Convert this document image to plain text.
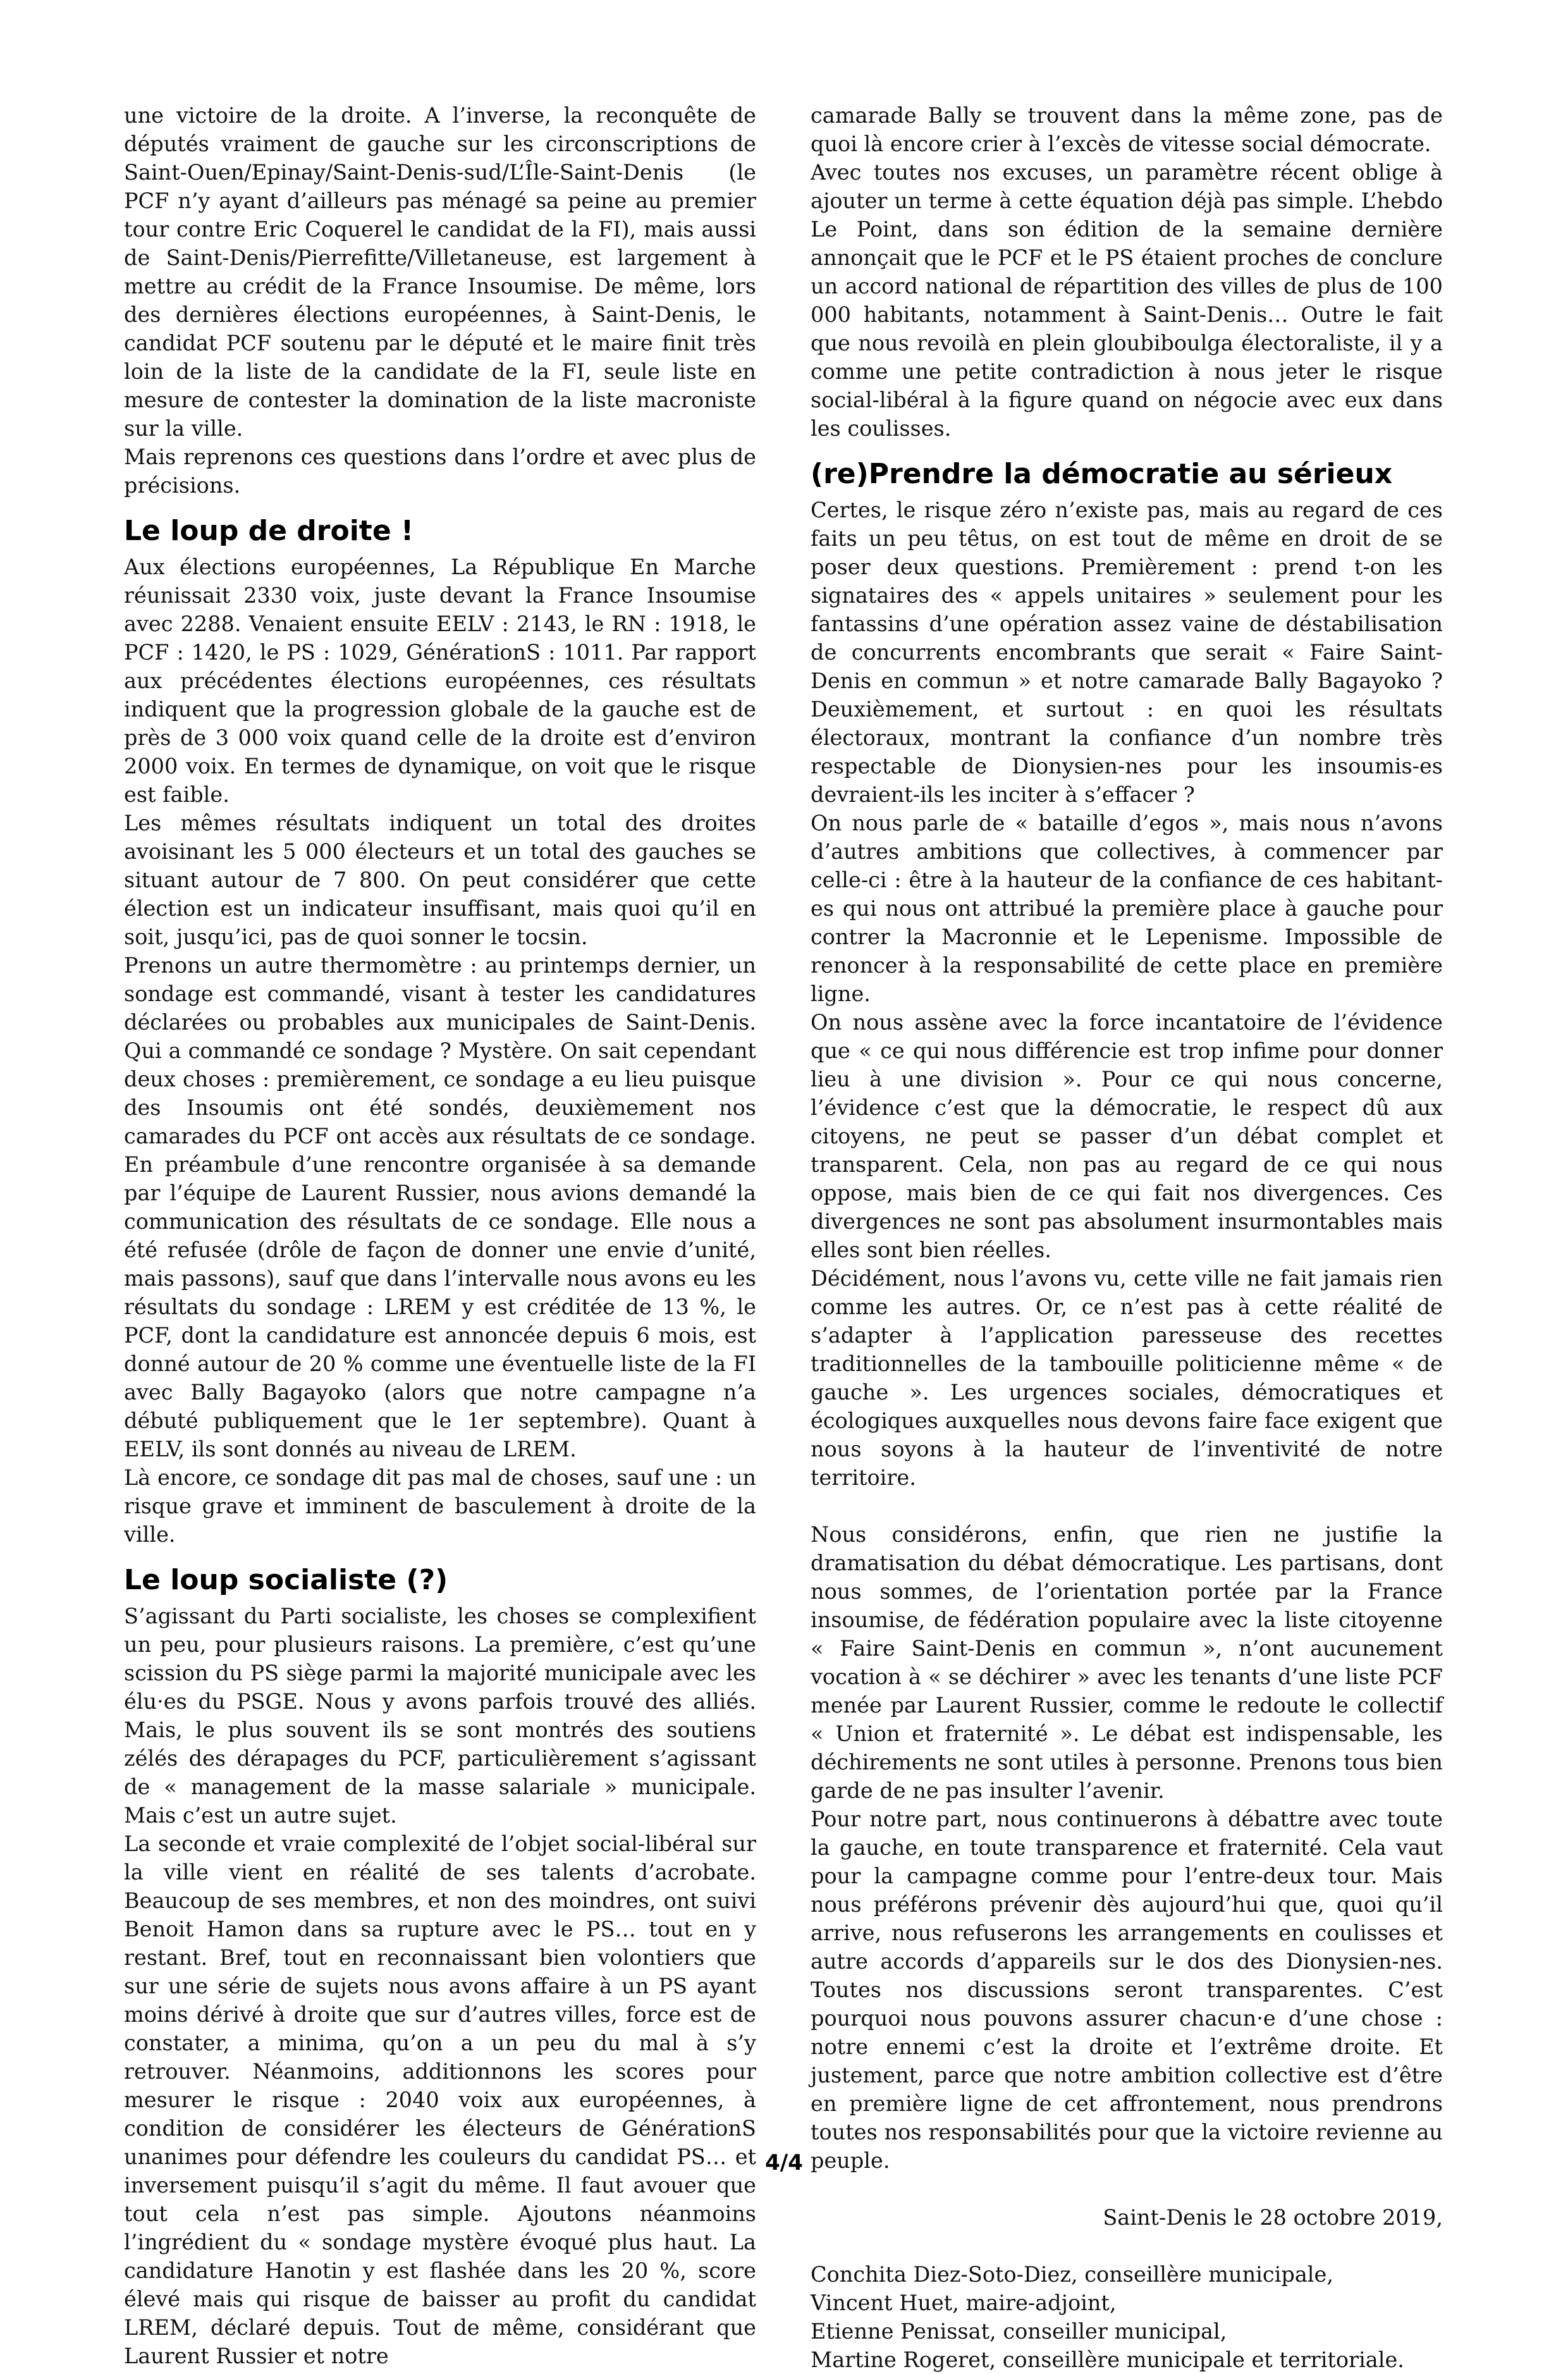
une victoire de la droite. A l’inverse, la reconquête de députés vraiment de gauche sur les circonscriptions de Saint-Ouen/Epinay/Saint-Denis-sud/L’Île-Saint-Denis (le PCF n’y ayant d’ailleurs pas ménagé sa peine au premier tour contre Eric Coquerel le candidat de la FI), mais aussi de Saint-Denis/Pierrefitte/Villetaneuse, est largement à mettre au crédit de la France Insoumise. De même, lors des dernières élections européennes, à Saint-Denis, le candidat PCF soutenu par le député et le maire finit très loin de la liste de la candidate de la FI, seule liste en mesure de contester la domination de la liste macroniste sur la ville.

Mais reprenons ces questions dans l’ordre et avec plus de précisions.

Le loup de droite !

Aux élections européennes, La République En Marche réunissait 2330 voix, juste devant la France Insoumise avec 2288. Venaient ensuite EELV : 2143, le RN : 1918, le PCF : 1420, le PS : 1029, GénérationS : 1011. Par rapport aux précédentes élections européennes, ces résultats indiquent que la progression globale de la gauche est de près de 3 000 voix quand celle de la droite est d’environ 2000 voix. En termes de dynamique, on voit que le risque est faible.

Les mêmes résultats indiquent un total des droites avoisinant les 5 000 électeurs et un total des gauches se situant autour de 7 800. On peut considérer que cette élection est un indicateur insuffisant, mais quoi qu’il en soit, jusqu’ici, pas de quoi sonner le tocsin.

Prenons un autre thermomètre : au printemps dernier, un sondage est commandé, visant à tester les candidatures déclarées ou probables aux municipales de Saint-Denis. Qui a commandé ce sondage ? Mystère. On sait cependant deux choses : premièrement, ce sondage a eu lieu puisque des Insoumis ont été sondés, deuxièmement nos camarades du PCF ont accès aux résultats de ce sondage. En préambule d’une rencontre organisée à sa demande par l’équipe de Laurent Russier, nous avions demandé la communication des résultats de ce sondage. Elle nous a été refusée (drôle de façon de donner une envie d’unité, mais passons), sauf que dans l’intervalle nous avons eu les résultats du sondage : LREM y est créditée de 13 %, le PCF, dont la candidature est annoncée depuis 6 mois, est donné autour de 20 % comme une éventuelle liste de la FI avec Bally Bagayoko (alors que notre campagne n’a débuté publiquement que le 1er septembre). Quant à EELV, ils sont donnés au niveau de LREM.

Là encore, ce sondage dit pas mal de choses, sauf une : un risque grave et imminent de basculement à droite de la ville.

Le loup socialiste (?)

S’agissant du Parti socialiste, les choses se complexifient un peu, pour plusieurs raisons. La première, c’est qu’une scission du PS siège parmi la majorité municipale avec les élu·es du PSGE. Nous y avons parfois trouvé des alliés. Mais, le plus souvent ils se sont montrés des soutiens zélés des dérapages du PCF, particulièrement s’agissant de « management de la masse salariale » municipale. Mais c’est un autre sujet.

La seconde et vraie complexité de l’objet social-libéral sur la ville vient en réalité de ses talents d’acrobate. Beaucoup de ses membres, et non des moindres, ont suivi Benoit Hamon dans sa rupture avec le PS… tout en y restant. Bref, tout en reconnaissant bien volontiers que sur une série de sujets nous avons affaire à un PS ayant moins dérivé à droite que sur d’autres villes, force est de constater, a minima, qu’on a un peu du mal à s’y retrouver. Néanmoins, additionnons les scores pour mesurer le risque : 2040 voix aux européennes, à condition de considérer les électeurs de GénérationS unanimes pour défendre les couleurs du candidat PS… et inversement puisqu’il s’agit du même. Il faut avouer que tout cela n’est pas simple. Ajoutons néanmoins l’ingrédient du « sondage mystère évoqué plus haut. La candidature Hanotin y est flashée dans les 20 %, score élevé mais qui risque de baisser au profit du candidat LREM, déclaré depuis. Tout de même, considérant que Laurent Russier et notre

camarade Bally se trouvent dans la même zone, pas de quoi là encore crier à l’excès de vitesse social démocrate.

Avec toutes nos excuses, un paramètre récent oblige à ajouter un terme à cette équation déjà pas simple. L’hebdo Le Point, dans son édition de la semaine dernière annonçait que le PCF et le PS étaient proches de conclure un accord national de répartition des villes de plus de 100 000 habitants, notamment à Saint-Denis… Outre le fait que nous revoilà en plein gloubiboulga électoraliste, il y a comme une petite contradiction à nous jeter le risque social-libéral à la figure quand on négocie avec eux dans les coulisses.

(re)Prendre la démocratie au sérieux

Certes, le risque zéro n’existe pas, mais au regard de ces faits un peu têtus, on est tout de même en droit de se poser deux questions. Premièrement : prend t-on les signataires des « appels unitaires » seulement pour les fantassins d’une opération assez vaine de déstabilisation de concurrents encombrants que serait « Faire Saint-Denis en commun » et notre camarade Bally Bagayoko ? Deuxièmement, et surtout : en quoi les résultats électoraux, montrant la confiance d’un nombre très respectable de Dionysien-nes pour les insoumis-es devraient-ils les inciter à s’effacer ?

On nous parle de « bataille d’egos », mais nous n’avons d’autres ambitions que collectives, à commencer par celle-ci : être à la hauteur de la confiance de ces habitant-es qui nous ont attribué la première place à gauche pour contrer la Macronnie et le Lepenisme. Impossible de renoncer à la responsabilité de cette place en première ligne.

On nous assène avec la force incantatoire de l’évidence que « ce qui nous différencie est trop infime pour donner lieu à une division ». Pour ce qui nous concerne, l’évidence c’est que la démocratie, le respect dû aux citoyens, ne peut se passer d’un débat complet et transparent. Cela, non pas au regard de ce qui nous oppose, mais bien de ce qui fait nos divergences. Ces divergences ne sont pas absolument insurmontables mais elles sont bien réelles.

Décidément, nous l’avons vu, cette ville ne fait jamais rien comme les autres. Or, ce n’est pas à cette réalité de s’adapter à l’application paresseuse des recettes traditionnelles de la tambouille politicienne même « de gauche ». Les urgences sociales, démocratiques et écologiques auxquelles nous devons faire face exigent que nous soyons à la hauteur de l’inventivité de notre territoire.

Nous considérons, enfin, que rien ne justifie la dramatisation du débat démocratique. Les partisans, dont nous sommes, de l’orientation portée par la France insoumise, de fédération populaire avec la liste citoyenne « Faire Saint-Denis en commun », n’ont aucunement vocation à « se déchirer » avec les tenants d’une liste PCF menée par Laurent Russier, comme le redoute le collectif « Union et fraternité ». Le débat est indispensable, les déchirements ne sont utiles à personne. Prenons tous bien garde de ne pas insulter l’avenir.

Pour notre part, nous continuerons à débattre avec toute la gauche, en toute transparence et fraternité. Cela vaut pour la campagne comme pour l’entre-deux tour. Mais nous préférons prévenir dès aujourd’hui que, quoi qu’il arrive, nous refuserons les arrangements en coulisses et autre accords d’appareils sur le dos des Dionysien-nes. Toutes nos discussions seront transparentes. C’est pourquoi nous pouvons assurer chacun·e d’une chose : notre ennemi c’est la droite et l’extrême droite. Et justement, parce que notre ambition collective est d’être en première ligne de cet affrontement, nous prendrons toutes nos responsabilités pour que la victoire revienne au peuple.

Saint-Denis le 28 octobre 2019,

Conchita Diez-Soto-Diez, conseillère municipale,

Vincent Huet, maire-adjoint,

Etienne Penissat, conseiller municipal,

Martine Rogeret, conseillère municipale et territoriale.

4/4
